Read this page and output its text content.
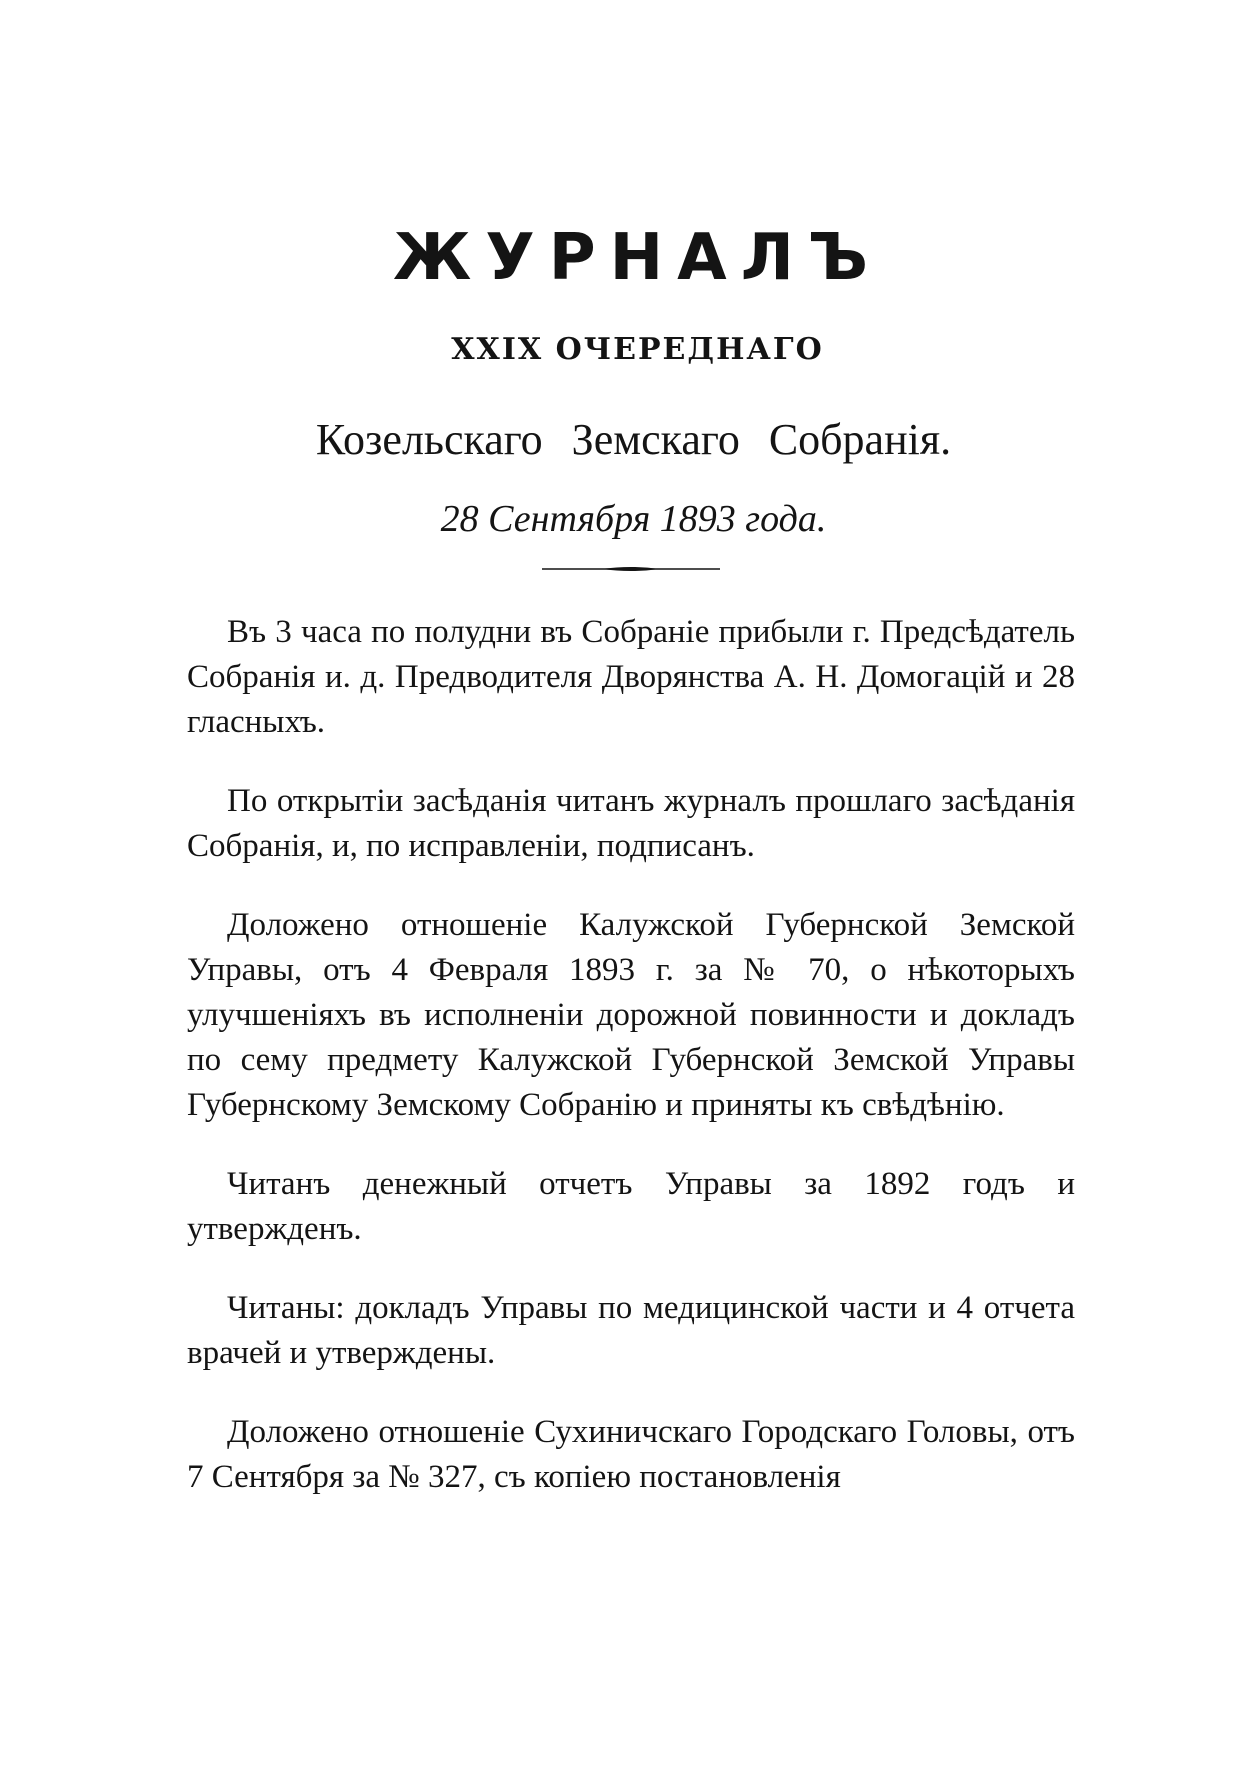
ЖУРНАЛЪ
XXIX ОЧЕРЕДНАГО
Козельскаго Земскаго Собранія.
28 Сентября 1893 года.

Въ 3 часа по полудни въ Собраніе прибыли г. Предсѣдатель Собранія и. д. Предводителя Дворянства А. Н. Домогацій и 28 гласныхъ.

По открытіи засѣданія читанъ журналъ прошлаго засѣданія Собранія, и, по исправленіи, подписанъ.

Доложено отношеніе Калужской Губернской Земской Управы, отъ 4 Февраля 1893 г. за № 70, о нѣкоторыхъ улучшеніяхъ въ исполненіи дорожной повинности и докладъ по сему предмету Калужской Губернской Земской Управы Губернскому Земскому Собранію и приняты къ свѣдѣнію.

Читанъ денежный отчетъ Управы за 1892 годъ и утвержденъ.

Читаны: докладъ Управы по медицинской части и 4 отчета врачей и утверждены.

Доложено отношеніе Сухиничскаго Городскаго Головы, отъ 7 Сентября за № 327, съ копіею постановленія
